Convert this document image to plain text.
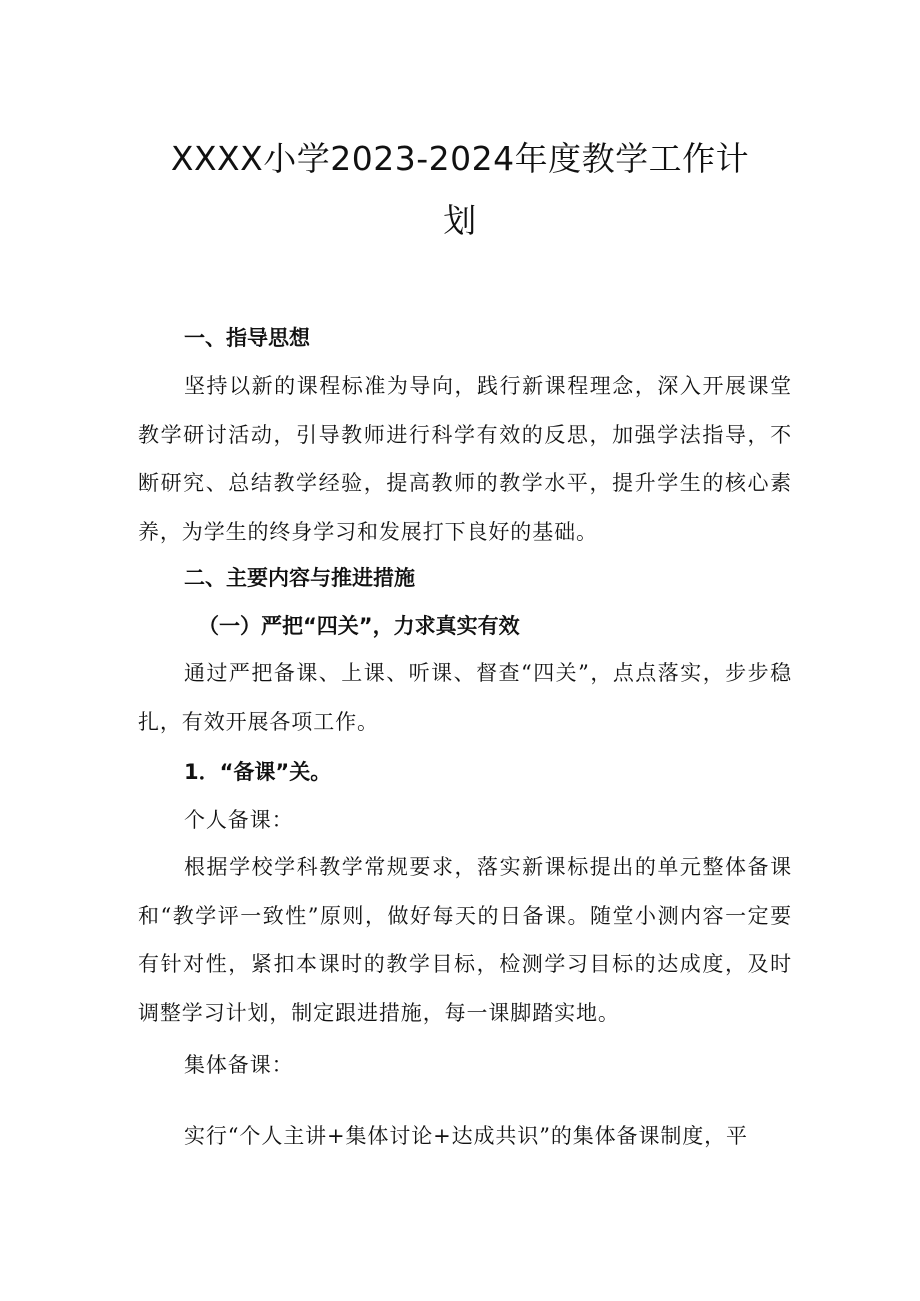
XXXX小学2023-2024年度教学工作计
划
一、指导思想
坚持以新的课程标准为导向，践行新课程理念，深入开展课堂教学研讨活动，引导教师进行科学有效的反思，加强学法指导，不断研究、总结教学经验，提高教师的教学水平，提升学生的核心素养，为学生的终身学习和发展打下良好的基础。
二、主要内容与推进措施
（一）严把“四关”，力求真实有效
通过严把备课、上课、听课、督查“四关”，点点落实，步步稳扎，有效开展各项工作。
1．“备课”关。
个人备课：
根据学校学科教学常规要求，落实新课标提出的单元整体备课和“教学评一致性”原则，做好每天的日备课。随堂小测内容一定要有针对性，紧扣本课时的教学目标，检测学习目标的达成度，及时调整学习计划，制定跟进措施，每一课脚踏实地。
集体备课：
实行“个人主讲+集体讨论+达成共识”的集体备课制度，平
